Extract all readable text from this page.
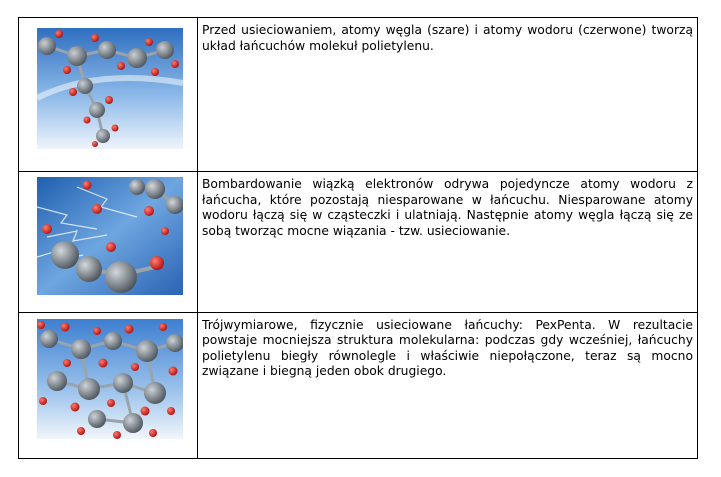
Przed usieciowaniem, atomy węgla (szare) i atomy wodoru (czerwone) tworzą układ łańcuchów molekuł polietylenu.

Bombardowanie wiązką elektronów odrywa pojedyncze atomy wodoru z łańcucha, które pozostają niesparowane w łańcuchu. Niesparowane atomy wodoru łączą się w cząsteczki i ulatniają. Następnie atomy węgla łączą się ze sobą tworząc mocne wiązania - tzw. usieciowanie.

Trójwymiarowe, fizycznie usieciowane łańcuchy: PexPenta. W rezultacie powstaje mocniejsza struktura molekularna: podczas gdy wcześniej, łańcuchy polietylenu biegły równolegle i właściwie niepołączone, teraz są mocno związane i biegną jeden obok drugiego.
